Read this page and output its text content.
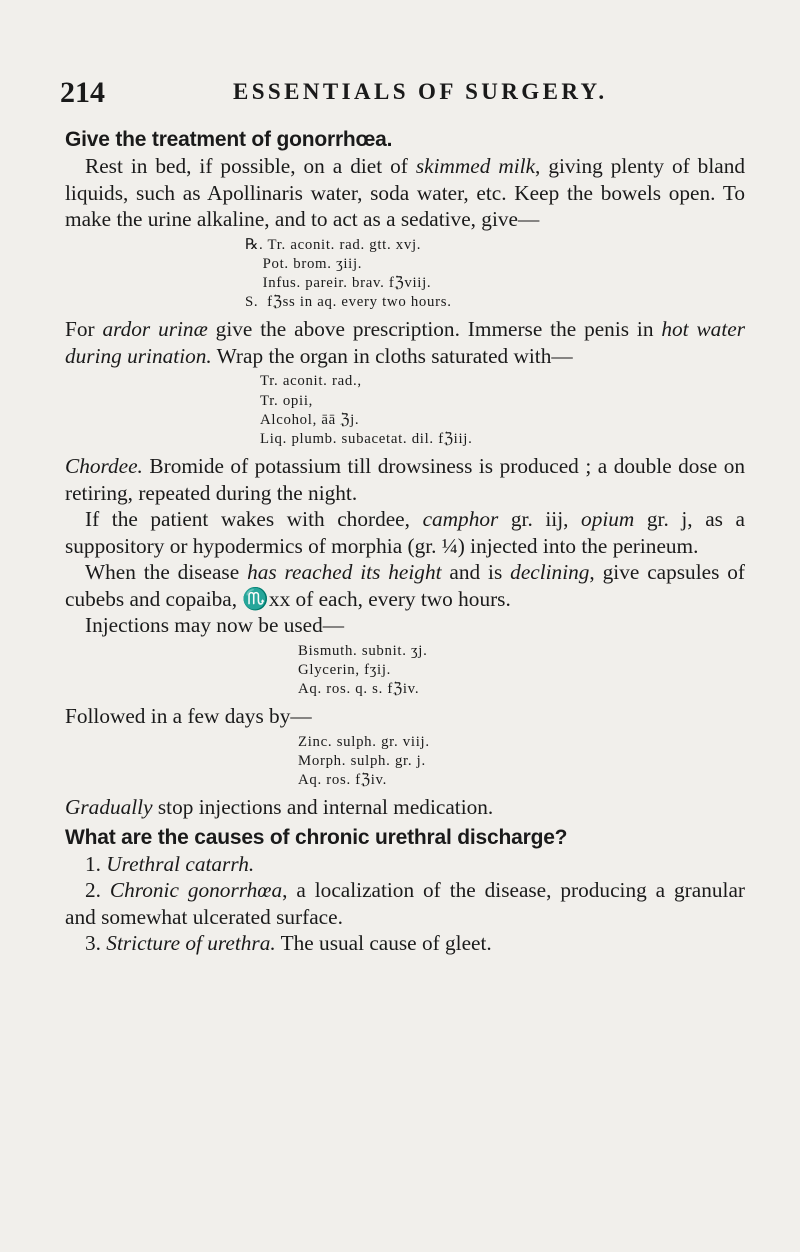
214	ESSENTIALS OF SURGERY.
Give the treatment of gonorrhœa.

Rest in bed, if possible, on a diet of skimmed milk, giving plenty of bland liquids, such as Apollinaris water, soda water, etc. Keep the bowels open. To make the urine alkaline, and to act as a sedative, give—

℞. Tr. aconit. rad. gtt. xvj.
Pot. brom. ʒiij.
Infus. pareir. brav. fℨviij.
S.  fℨss in aq. every two hours.

For ardor urinæ give the above prescription. Immerse the penis in hot water during urination. Wrap the organ in cloths saturated with—

Tr. aconit. rad.,
Tr. opii,
Alcohol, āā ℨj.
Liq. plumb. subacetat. dil. fℨiij.

Chordee. Bromide of potassium till drowsiness is produced ; a double dose on retiring, repeated during the night.

If the patient wakes with chordee, camphor gr. iij, opium gr. j, as a suppository or hypodermics of morphia (gr. ¼) injected into the perineum.

When the disease has reached its height and is declining, give capsules of cubebs and copaiba, ♏xx of each, every two hours.

Injections may now be used—

Bismuth. subnit. ʒj.
Glycerin, fʒij.
Aq. ros. q. s. fℨiv.

Followed in a few days by—

Zinc. sulph. gr. viij.
Morph. sulph. gr. j.
Aq. ros. fℨiv.

Gradually stop injections and internal medication.

What are the causes of chronic urethral discharge?

1. Urethral catarrh.

2. Chronic gonorrhœa, a localization of the disease, producing a granular and somewhat ulcerated surface.

3. Stricture of urethra. The usual cause of gleet.
